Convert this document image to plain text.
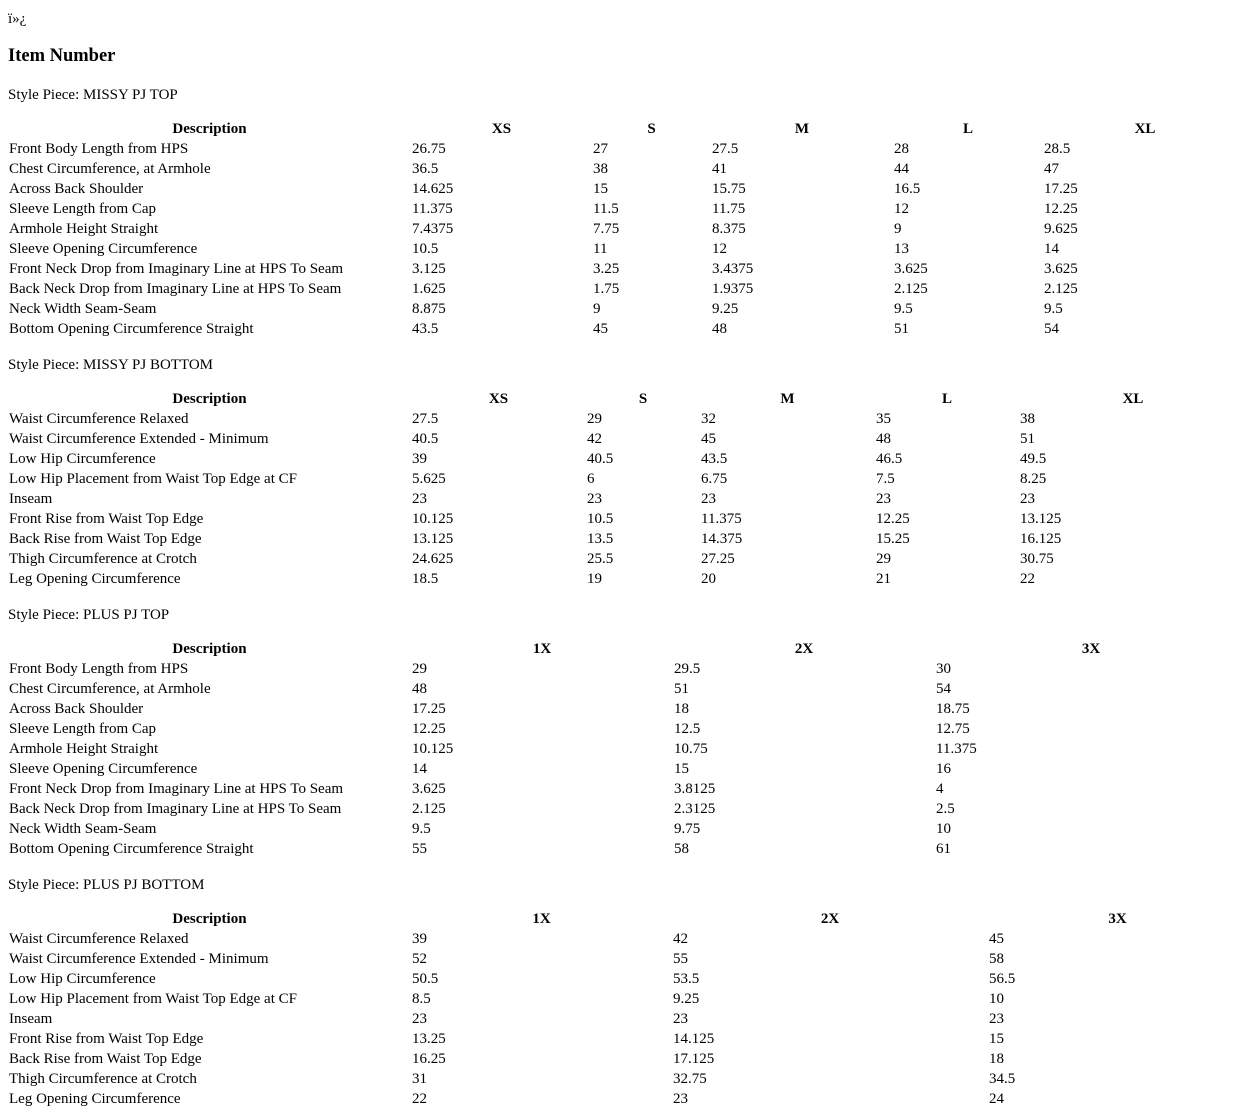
ï»¿
Item Number
Style Piece: MISSY PJ TOP
Description	XS	S	M	L	XL
Front Body Length from HPS	26.75	27	27.5	28	28.5
Chest Circumference, at Armhole	36.5	38	41	44	47
Across Back Shoulder	14.625	15	15.75	16.5	17.25
Sleeve Length from Cap	11.375	11.5	11.75	12	12.25
Armhole Height Straight	7.4375	7.75	8.375	9	9.625
Sleeve Opening Circumference	10.5	11	12	13	14
Front Neck Drop from Imaginary Line at HPS To Seam	3.125	3.25	3.4375	3.625	3.625
Back Neck Drop from Imaginary Line at HPS To Seam	1.625	1.75	1.9375	2.125	2.125
Neck Width Seam-Seam	8.875	9	9.25	9.5	9.5
Bottom Opening Circumference Straight	43.5	45	48	51	54
Style Piece: MISSY PJ BOTTOM
Description	XS	S	M	L	XL
Waist Circumference Relaxed	27.5	29	32	35	38
Waist Circumference Extended - Minimum	40.5	42	45	48	51
Low Hip Circumference	39	40.5	43.5	46.5	49.5
Low Hip Placement from Waist Top Edge at CF	5.625	6	6.75	7.5	8.25
Inseam	23	23	23	23	23
Front Rise from Waist Top Edge	10.125	10.5	11.375	12.25	13.125
Back Rise from Waist Top Edge	13.125	13.5	14.375	15.25	16.125
Thigh Circumference at Crotch	24.625	25.5	27.25	29	30.75
Leg Opening Circumference	18.5	19	20	21	22
Style Piece: PLUS PJ TOP
Description	1X	2X	3X
Front Body Length from HPS	29	29.5	30
Chest Circumference, at Armhole	48	51	54
Across Back Shoulder	17.25	18	18.75
Sleeve Length from Cap	12.25	12.5	12.75
Armhole Height Straight	10.125	10.75	11.375
Sleeve Opening Circumference	14	15	16
Front Neck Drop from Imaginary Line at HPS To Seam	3.625	3.8125	4
Back Neck Drop from Imaginary Line at HPS To Seam	2.125	2.3125	2.5
Neck Width Seam-Seam	9.5	9.75	10
Bottom Opening Circumference Straight	55	58	61
Style Piece: PLUS PJ BOTTOM
Description	1X	2X	3X
Waist Circumference Relaxed	39	42	45
Waist Circumference Extended - Minimum	52	55	58
Low Hip Circumference	50.5	53.5	56.5
Low Hip Placement from Waist Top Edge at CF	8.5	9.25	10
Inseam	23	23	23
Front Rise from Waist Top Edge	13.25	14.125	15
Back Rise from Waist Top Edge	16.25	17.125	18
Thigh Circumference at Crotch	31	32.75	34.5
Leg Opening Circumference	22	23	24
